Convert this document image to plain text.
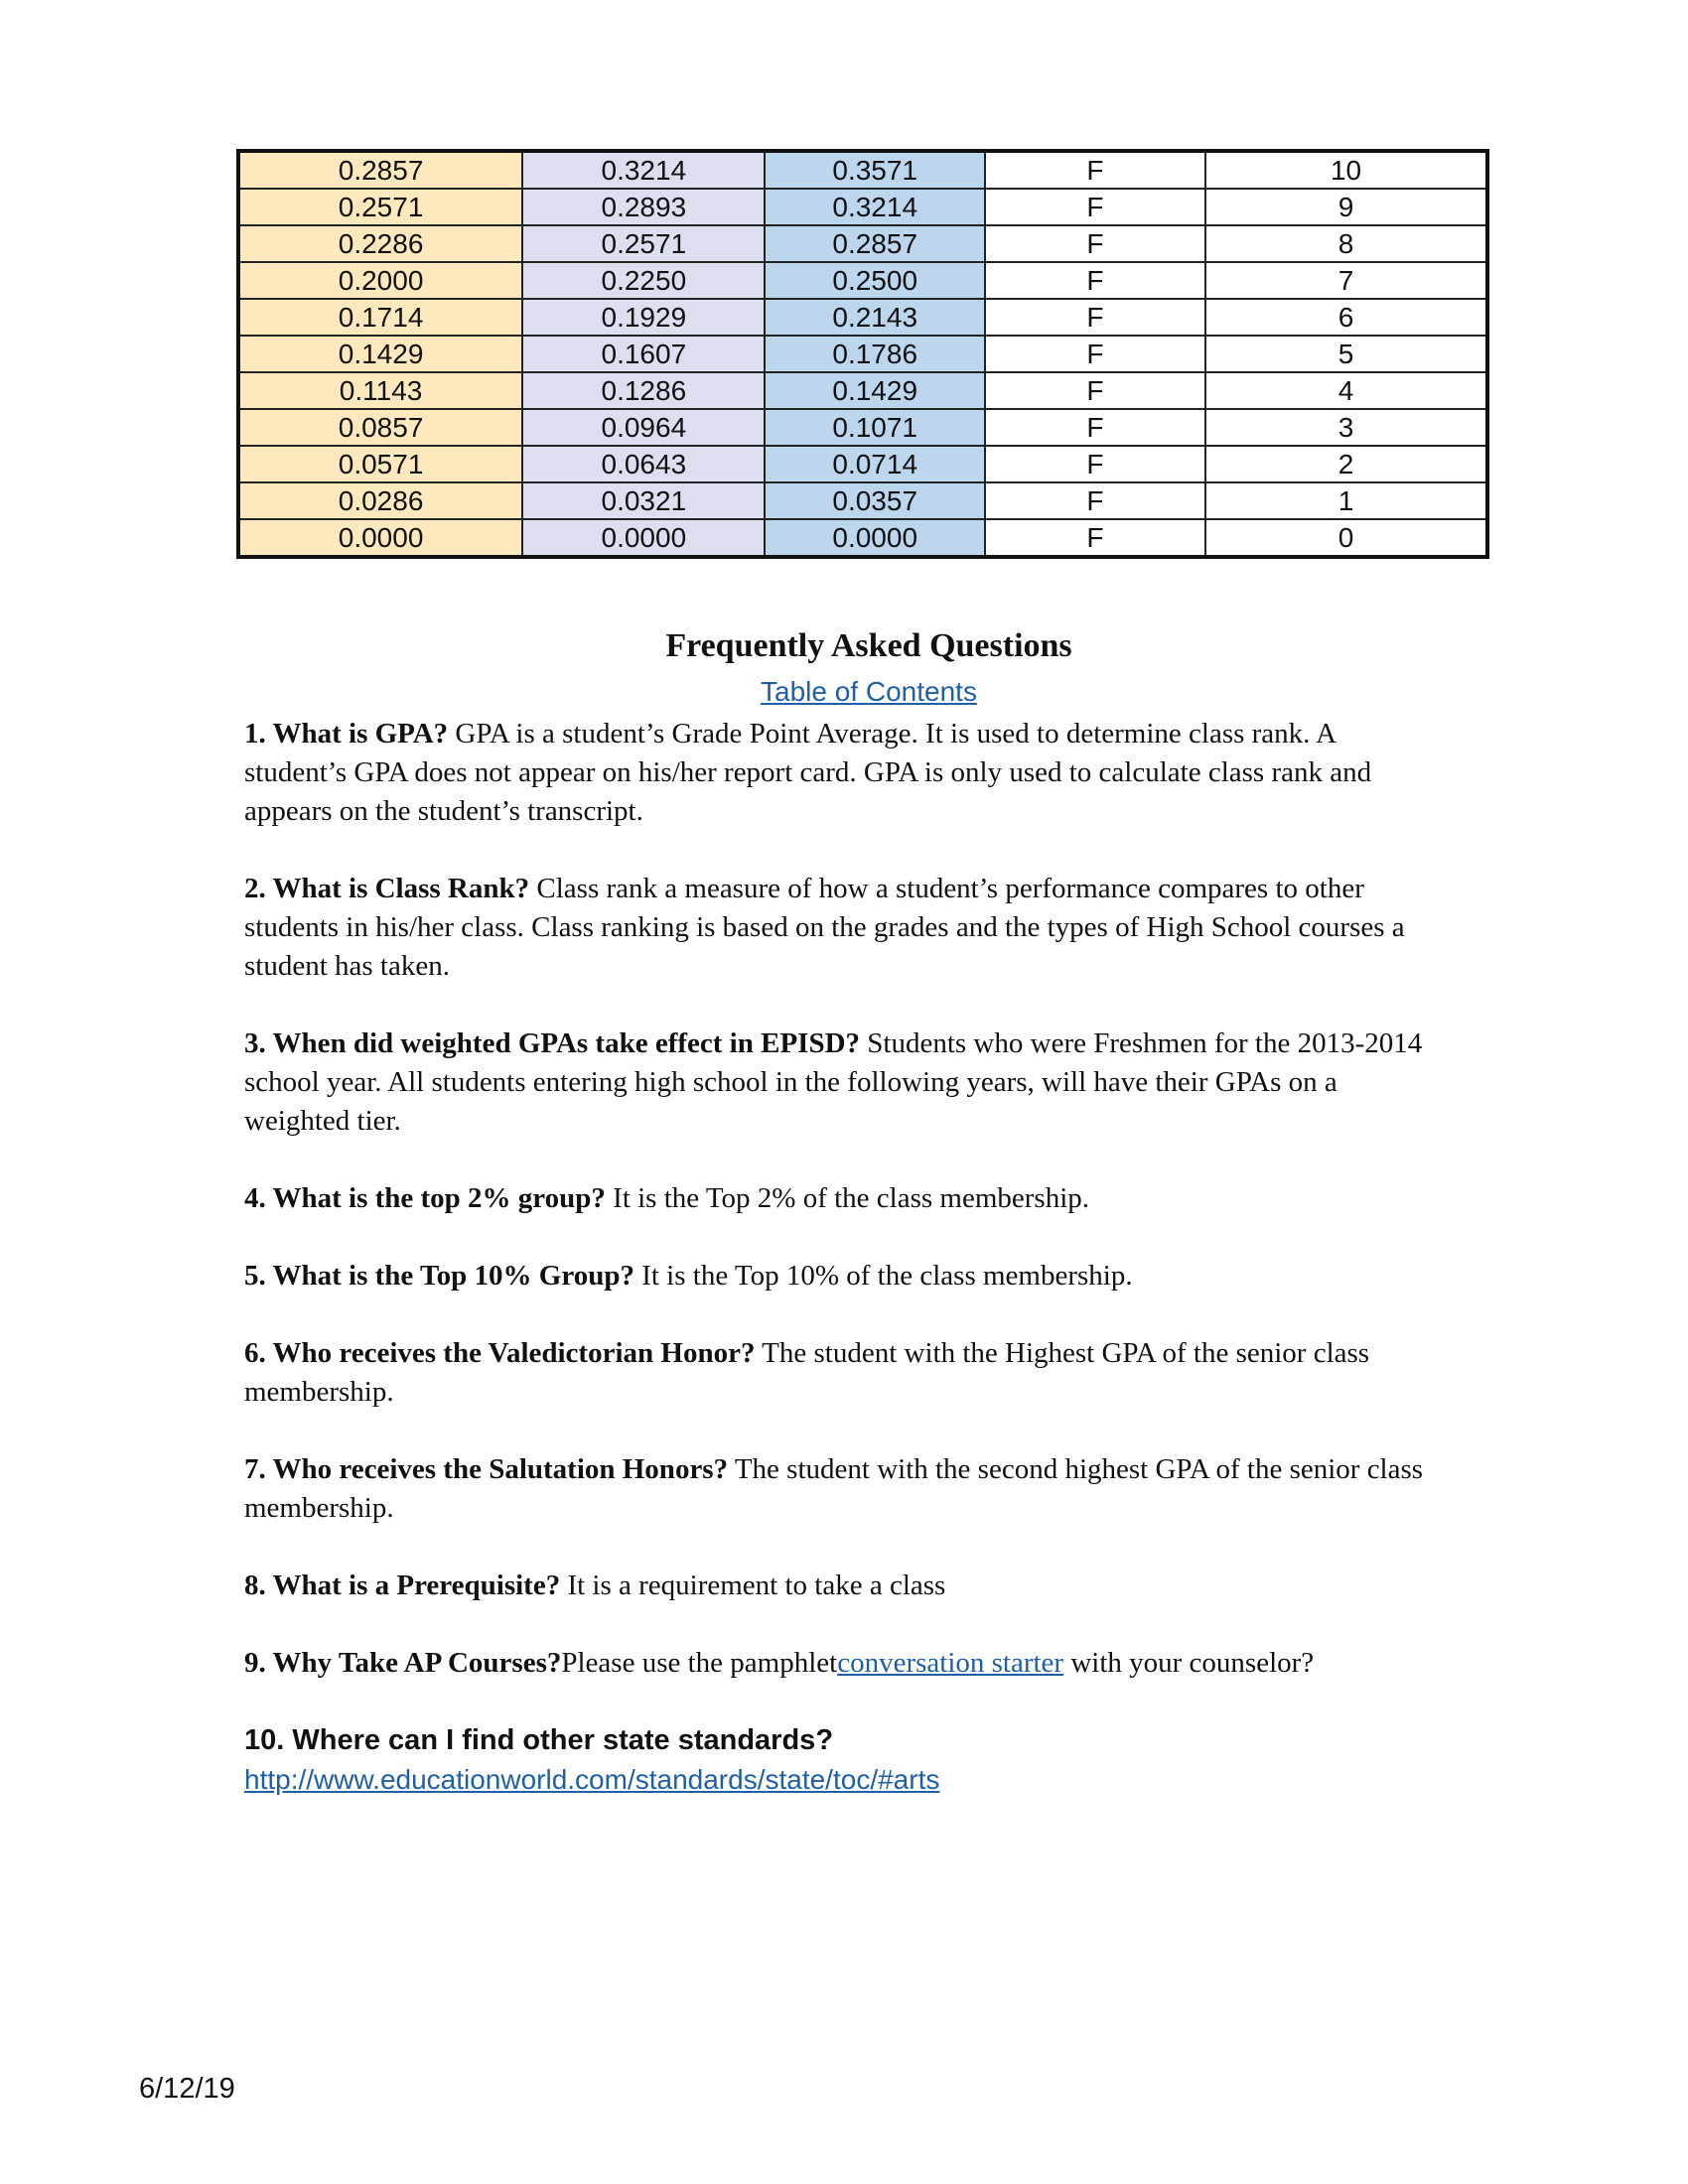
0.2857	0.3214	0.3571	F	10
0.2571	0.2893	0.3214	F	9
0.2286	0.2571	0.2857	F	8
0.2000	0.2250	0.2500	F	7
0.1714	0.1929	0.2143	F	6
0.1429	0.1607	0.1786	F	5
0.1143	0.1286	0.1429	F	4
0.0857	0.0964	0.1071	F	3
0.0571	0.0643	0.0714	F	2
0.0286	0.0321	0.0357	F	1
0.0000	0.0000	0.0000	F	0
Frequently Asked Questions
Table of Contents
1. What is GPA? GPA is a student’s Grade Point Average. It is used to determine class rank. A
student’s GPA does not appear on his/her report card. GPA is only used to calculate class rank and
appears on the student’s transcript.
2. What is Class Rank? Class rank a measure of how a student’s performance compares to other
students in his/her class. Class ranking is based on the grades and the types of High School courses a
student has taken.
3. When did weighted GPAs take effect in EPISD? Students who were Freshmen for the 2013-2014
school year. All students entering high school in the following years, will have their GPAs on a
weighted tier.
4. What is the top 2% group? It is the Top 2% of the class membership.
5. What is the Top 10% Group? It is the Top 10% of the class membership.
6. Who receives the Valedictorian Honor? The student with the Highest GPA of the senior class
membership.
7. Who receives the Salutation Honors? The student with the second highest GPA of the senior class
membership.
8. What is a Prerequisite? It is a requirement to take a class
9. Why Take AP Courses?Please use the pamphletconversation starter with your counselor?
10. Where can I find other state standards?
http://www.educationworld.com/standards/state/toc/#arts
6/12/19
